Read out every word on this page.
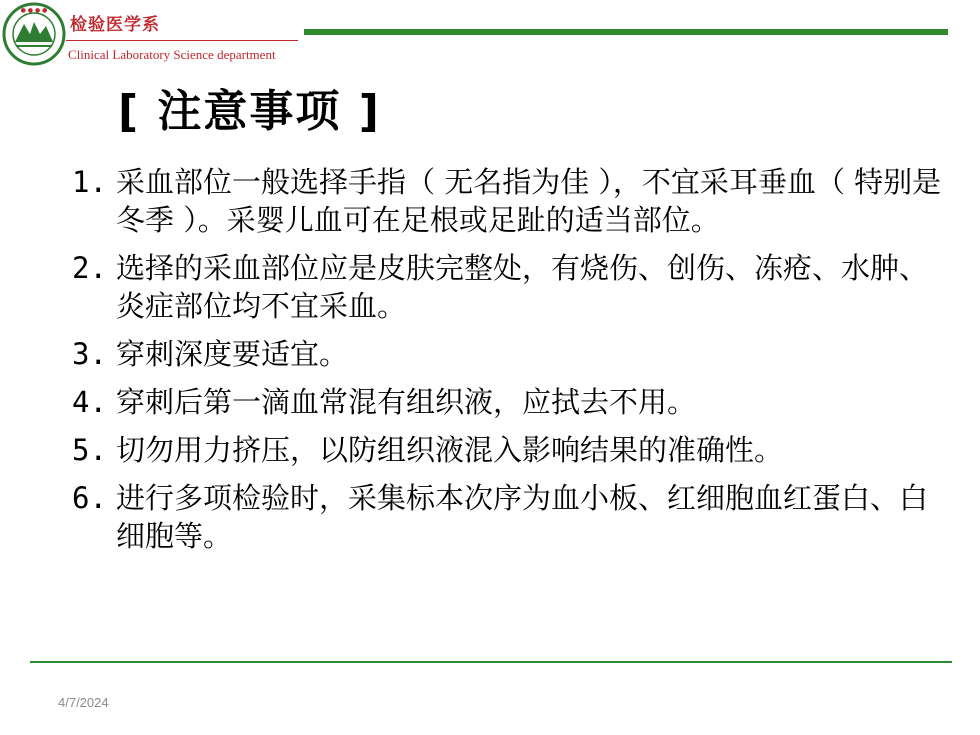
● ● ● ●
检验医学系
Clinical Laboratory Science department
[ 注意事项 ]
1. 采血部位一般选择手指（ 无名指为佳 ），不宜采耳垂血（ 特别是冬季 ）。采婴儿血可在足根或足趾的适当部位。
2. 选择的采血部位应是皮肤完整处，有烧伤、创伤、冻疮、水肿、炎症部位均不宜采血。
3. 穿刺深度要适宜。
4. 穿刺后第一滴血常混有组织液，应拭去不用。
5. 切勿用力挤压，以防组织液混入影响结果的准确性。
6. 进行多项检验时，采集标本次序为血小板、红细胞血红蛋白、白细胞等。
4/7/2024
